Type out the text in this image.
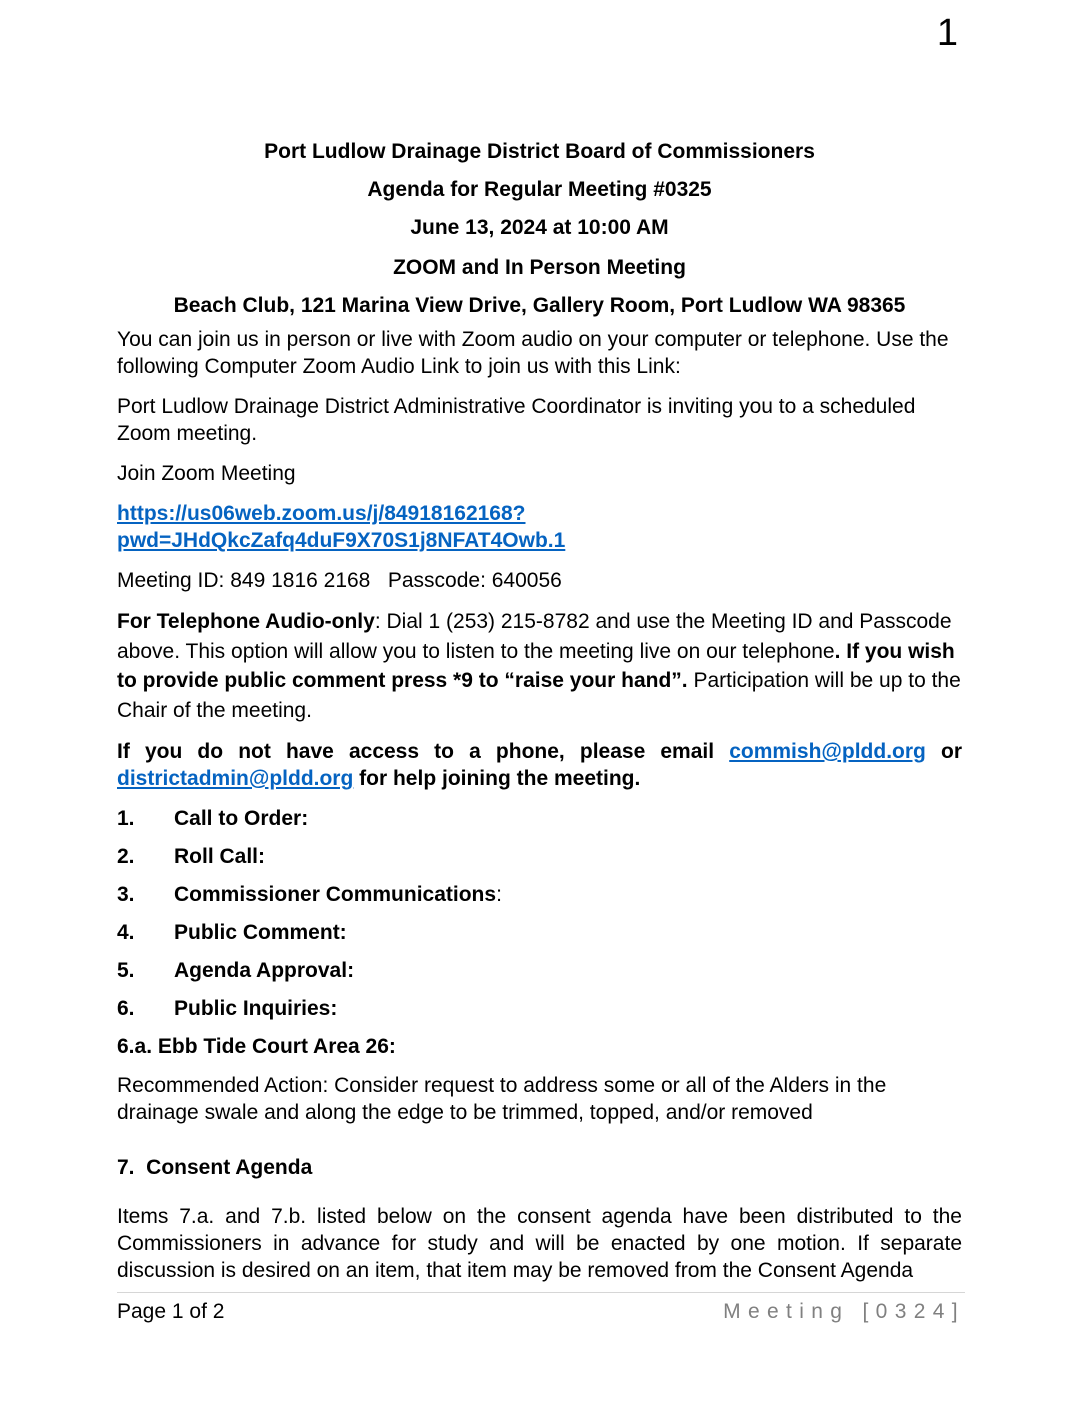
1

Port Ludlow Drainage District Board of Commissioners

Agenda for Regular Meeting #0325

June 13, 2024 at 10:00 AM

ZOOM and In Person Meeting

Beach Club, 121 Marina View Drive, Gallery Room, Port Ludlow WA 98365

You can join us in person or live with Zoom audio on your computer or telephone. Use the following Computer Zoom Audio Link to join us with this Link:

Port Ludlow Drainage District Administrative Coordinator is inviting you to a scheduled Zoom meeting.

Join Zoom Meeting

https://us06web.zoom.us/j/84918162168?pwd=JHdQkcZafq4duF9X70S1j8NFAT4Owb.1

Meeting ID: 849 1816 2168   Passcode: 640056

For Telephone Audio-only: Dial 1 (253) 215-8782 and use the Meeting ID and Passcode above. This option will allow you to listen to the meeting live on our telephone. If you wish to provide public comment press *9 to “raise your hand”. Participation will be up to the Chair of the meeting.

If you do not have access to a phone, please email commish@pldd.org or districtadmin@pldd.org for help joining the meeting.

1. Call to Order:

2. Roll Call:

3. Commissioner Communications:

4. Public Comment:

5. Agenda Approval:

6. Public Inquiries:

6.a. Ebb Tide Court Area 26:

Recommended Action: Consider request to address some or all of the Alders in the drainage swale and along the edge to be trimmed, topped, and/or removed

7.  Consent Agenda

Items 7.a. and 7.b. listed below on the consent agenda have been distributed to the Commissioners in advance for study and will be enacted by one motion. If separate discussion is desired on an item, that item may be removed from the Consent Agenda

Page 1 of 2	Meeting [0324]
